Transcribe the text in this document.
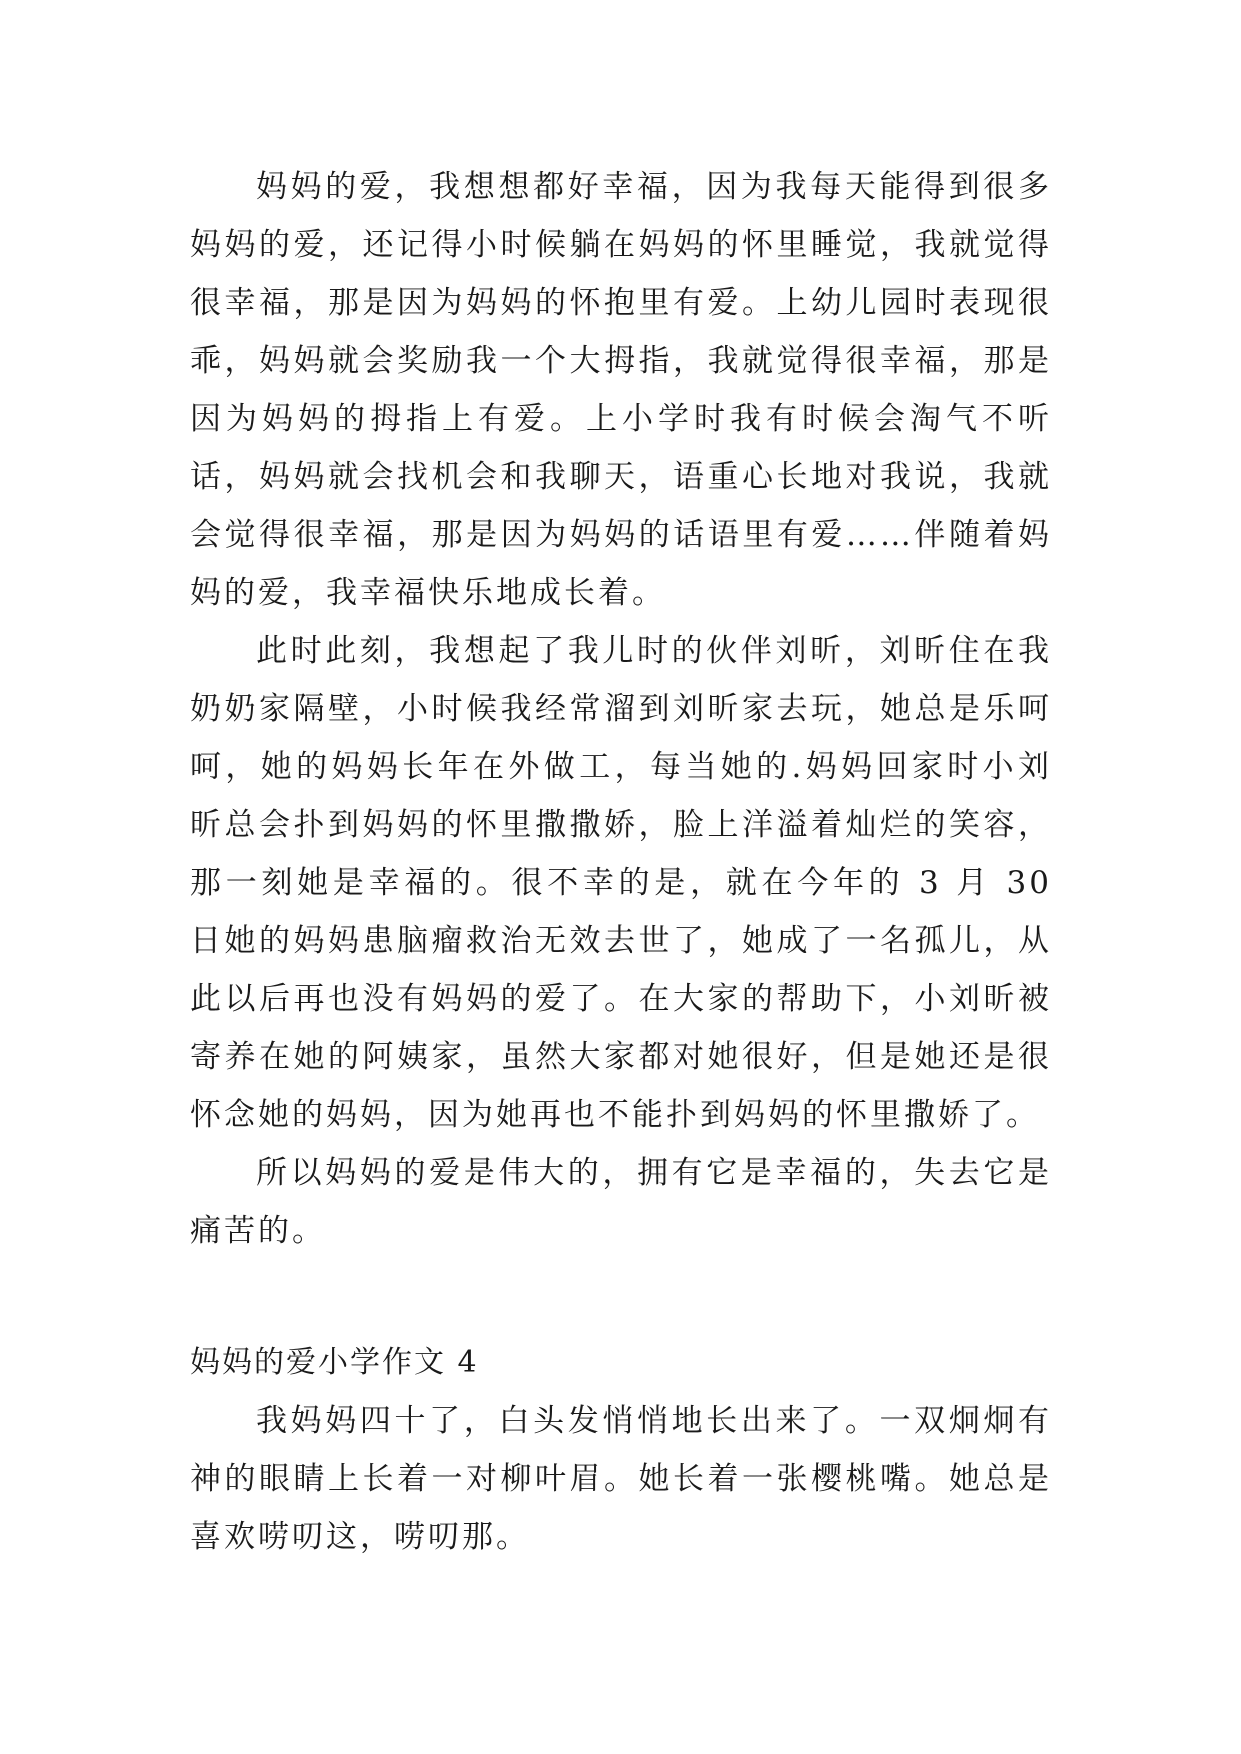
妈妈的爱，我想想都好幸福，因为我每天能得到很多妈妈的爱，还记得小时候躺在妈妈的怀里睡觉，我就觉得很幸福，那是因为妈妈的怀抱里有爱。上幼儿园时表现很乖，妈妈就会奖励我一个大拇指，我就觉得很幸福，那是因为妈妈的拇指上有爱。上小学时我有时候会淘气不听话，妈妈就会找机会和我聊天，语重心长地对我说，我就会觉得很幸福，那是因为妈妈的话语里有爱……伴随着妈妈的爱，我幸福快乐地成长着。

此时此刻，我想起了我儿时的伙伴刘昕，刘昕住在我奶奶家隔壁，小时候我经常溜到刘昕家去玩，她总是乐呵呵，她的妈妈长年在外做工，每当她的.妈妈回家时小刘昕总会扑到妈妈的怀里撒撒娇，脸上洋溢着灿烂的笑容，那一刻她是幸福的。很不幸的是，就在今年的 3 月 30 日她的妈妈患脑瘤救治无效去世了，她成了一名孤儿，从此以后再也没有妈妈的爱了。在大家的帮助下，小刘昕被寄养在她的阿姨家，虽然大家都对她很好，但是她还是很怀念她的妈妈，因为她再也不能扑到妈妈的怀里撒娇了。

所以妈妈的爱是伟大的，拥有它是幸福的，失去它是痛苦的。

妈妈的爱小学作文 4

我妈妈四十了，白头发悄悄地长出来了。一双炯炯有神的眼睛上长着一对柳叶眉。她长着一张樱桃嘴。她总是喜欢唠叨这，唠叨那。
